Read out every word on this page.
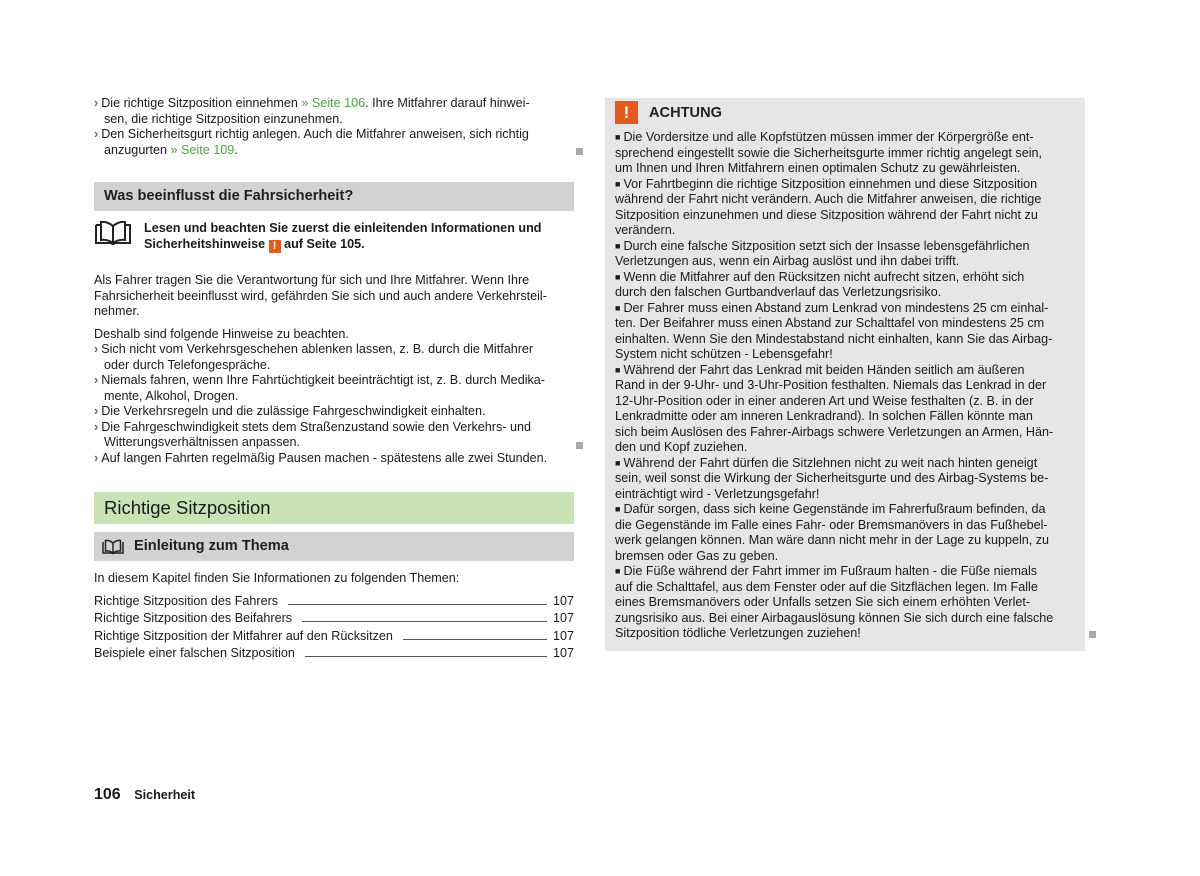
› Die richtige Sitzposition einnehmen » Seite 106. Ihre Mitfahrer darauf hinwei-
sen, die richtige Sitzposition einzunehmen.
› Den Sicherheitsgurt richtig anlegen. Auch die Mitfahrer anweisen, sich richtig
anzugurten » Seite 109.
Was beeinflusst die Fahrsicherheit?
Lesen und beachten Sie zuerst die einleitenden Informationen und
Sicherheitshinweise ! auf Seite 105.
Als Fahrer tragen Sie die Verantwortung für sich und Ihre Mitfahrer. Wenn Ihre
Fahrsicherheit beeinflusst wird, gefährden Sie sich und auch andere Verkehrsteil-
nehmer.
Deshalb sind folgende Hinweise zu beachten.
› Sich nicht vom Verkehrsgeschehen ablenken lassen, z. B. durch die Mitfahrer
oder durch Telefongespräche.
› Niemals fahren, wenn Ihre Fahrtüchtigkeit beeinträchtigt ist, z. B. durch Medika-
mente, Alkohol, Drogen.
› Die Verkehrsregeln und die zulässige Fahrgeschwindigkeit einhalten.
› Die Fahrgeschwindigkeit stets dem Straßenzustand sowie den Verkehrs- und
Witterungsverhältnissen anpassen.
› Auf langen Fahrten regelmäßig Pausen machen - spätestens alle zwei Stunden.
Richtige Sitzposition
Einleitung zum Thema
In diesem Kapitel finden Sie Informationen zu folgenden Themen:
Richtige Sitzposition des Fahrers	107
Richtige Sitzposition des Beifahrers	107
Richtige Sitzposition der Mitfahrer auf den Rücksitzen	107
Beispiele einer falschen Sitzposition	107
!	ACHTUNG
■ Die Vordersitze und alle Kopfstützen müssen immer der Körpergröße ent-
sprechend eingestellt sowie die Sicherheitsgurte immer richtig angelegt sein,
um Ihnen und Ihren Mitfahrern einen optimalen Schutz zu gewährleisten.
■ Vor Fahrtbeginn die richtige Sitzposition einnehmen und diese Sitzposition
während der Fahrt nicht verändern. Auch die Mitfahrer anweisen, die richtige
Sitzposition einzunehmen und diese Sitzposition während der Fahrt nicht zu
verändern.
■ Durch eine falsche Sitzposition setzt sich der Insasse lebensgefährlichen
Verletzungen aus, wenn ein Airbag auslöst und ihn dabei trifft.
■ Wenn die Mitfahrer auf den Rücksitzen nicht aufrecht sitzen, erhöht sich
durch den falschen Gurtbandverlauf das Verletzungsrisiko.
■ Der Fahrer muss einen Abstand zum Lenkrad von mindestens 25 cm einhal-
ten. Der Beifahrer muss einen Abstand zur Schalttafel von mindestens 25 cm
einhalten. Wenn Sie den Mindestabstand nicht einhalten, kann Sie das Airbag-
System nicht schützen - Lebensgefahr!
■ Während der Fahrt das Lenkrad mit beiden Händen seitlich am äußeren
Rand in der 9-Uhr- und 3-Uhr-Position festhalten. Niemals das Lenkrad in der
12-Uhr-Position oder in einer anderen Art und Weise festhalten (z. B. in der
Lenkradmitte oder am inneren Lenkradrand). In solchen Fällen könnte man
sich beim Auslösen des Fahrer-Airbags schwere Verletzungen an Armen, Hän-
den und Kopf zuziehen.
■ Während der Fahrt dürfen die Sitzlehnen nicht zu weit nach hinten geneigt
sein, weil sonst die Wirkung der Sicherheitsgurte und des Airbag-Systems be-
einträchtigt wird - Verletzungsgefahr!
■ Dafür sorgen, dass sich keine Gegenstände im Fahrerfußraum befinden, da
die Gegenstände im Falle eines Fahr- oder Bremsmanövers in das Fußhebel-
werk gelangen können. Man wäre dann nicht mehr in der Lage zu kuppeln, zu
bremsen oder Gas zu geben.
■ Die Füße während der Fahrt immer im Fußraum halten - die Füße niemals
auf die Schalttafel, aus dem Fenster oder auf die Sitzflächen legen. Im Falle
eines Bremsmanövers oder Unfalls setzen Sie sich einem erhöhten Verlet-
zungsrisiko aus. Bei einer Airbagauslösung können Sie sich durch eine falsche
Sitzposition tödliche Verletzungen zuziehen!
106 Sicherheit
